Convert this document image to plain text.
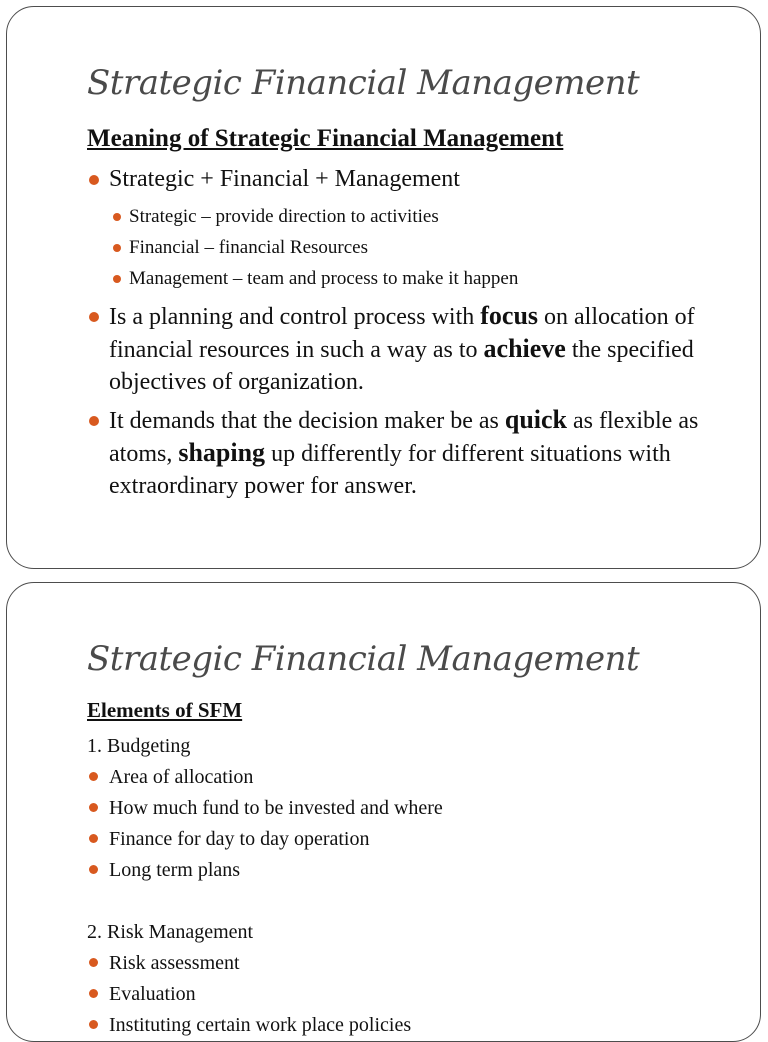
Strategic Financial Management
Meaning of Strategic Financial Management
Strategic + Financial + Management
Strategic – provide direction to activities
Financial – financial Resources
Management – team and process to make it happen
Is a planning and control process with focus on allocation of financial resources in such a way as to achieve the specified objectives of organization.
It demands that the decision maker be as quick as flexible as atoms, shaping up differently for different situations with extraordinary power for answer.
Strategic Financial Management
Elements of SFM
1. Budgeting
Area of allocation
How much fund to be invested and where
Finance for day to day operation
Long term plans
2. Risk Management
Risk assessment
Evaluation
Instituting certain work place policies
